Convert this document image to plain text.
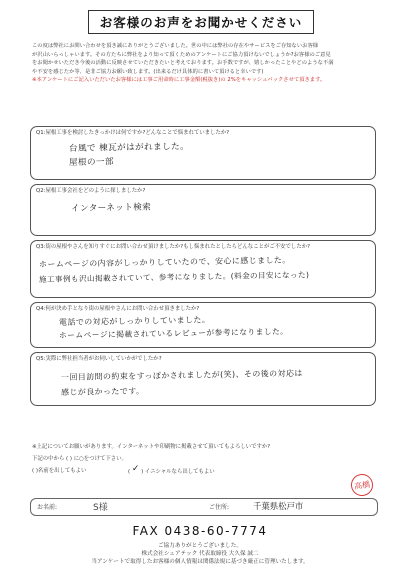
お客様のお声をお聞かせください
この度は弊社にお問い合わせを頂き誠にありがとうございました。世の中には弊社の存在やサービスをご存知ないお客様
が沢山いらっしゃいます。その方たちに弊社をより知って頂くためのアンケートにご協力頂けないでしょうか?お客様のご意見
をお聞かせいただき今後の活動に反映させていただきたいと考えております。お手数ですが、嬉しかったことやどのような不満
や不安を感じたか等、是非ご協力お願い致します。(出来るだけ具体的に書いて頂けると幸いです)
※本アンケートにご記入いただいたお客様には工事ご用命時に工事金額(税抜き)の 2%をキャッシュバックさせて頂きます。
Q1:屋根工事を検討したきっかけは何ですか?どんなことで悩まれていましたか?
台風で 棟瓦がはがれました。
屋根の一部
Q2:屋根工事会社をどのように探しましたか?
インターネット検索
Q3:街の屋根やさんを知りすぐにお問い合わせ頂けましたか?もし悩まれたとしたらどんなことがご不安でしたか?
ホームページの内容がしっかりしていたので、安心に感じました。
施工事例も沢山掲載されていて、参考になりました。(料金の目安になった)
Q4:何が決め手となり街の屋根やさんにお問い合わせ頂きましたか?
電話での対応がしっかりしていました。
ホームページに掲載されているレビューが参考になりました。
Q5:実際に弊社担当者がお伺いしていかがでしたか?
一回目訪問の約束をすっぽかされましたが(笑)、その後の対応は
感じが良かったです。
※上記についてお願いがあります。インターネットや印刷物に掲載させて頂いてもよろしいですか?
下記の中から ( ) に○をつけて下さい。
( )名前を出してもよい	( ✓ ) イニシャルなら出してもよい
高橋
お名前:	S様	ご住所:	千葉県松戸市
FAX 0438-60-7774
ご協力ありがとうございました。
株式会社シェアテック 代表取締役 大久保 誠二
当アンケートで取得したお客様の個人情報は関係法規に基づき厳正に管理いたします。
